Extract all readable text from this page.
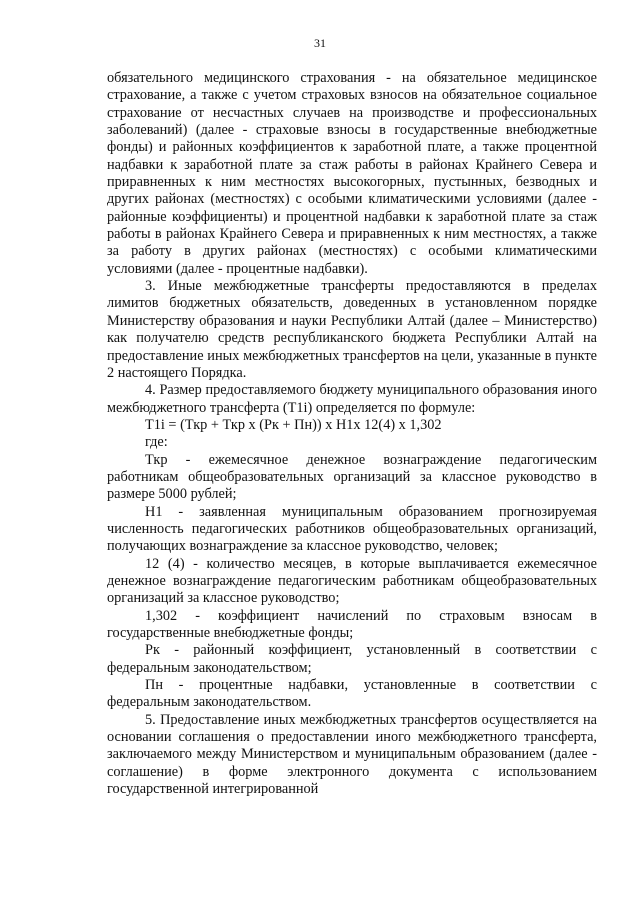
31

обязательного медицинского страхования - на обязательное медицинское страхование, а также с учетом страховых взносов на обязательное социальное страхование от несчастных случаев на производстве и профессиональных заболеваний) (далее - страховые взносы в государственные внебюджетные фонды) и районных коэффициентов к заработной плате, а также процентной надбавки к заработной плате за стаж работы в районах Крайнего Севера и приравненных к ним местностях высокогорных, пустынных, безводных и других районах (местностях) с особыми климатическими условиями (далее - районные коэффициенты) и процентной надбавки к заработной плате за стаж работы в районах Крайнего Севера и приравненных к ним местностях, а также за работу в других районах (местностях) с особыми климатическими условиями (далее - процентные надбавки).

3. Иные межбюджетные трансферты предоставляются в пределах лимитов бюджетных обязательств, доведенных в установленном порядке Министерству образования и науки Республики Алтай (далее – Министерство) как получателю средств республиканского бюджета Республики Алтай на предоставление иных межбюджетных трансфертов на цели, указанные в пункте 2 настоящего Порядка.

4. Размер предоставляемого бюджету муниципального образования иного межбюджетного трансферта (T1i) определяется по формуле:

T1i = (Ткр + Ткр х (Рк + Пн)) х Н1х 12(4) х 1,302

где:

Ткр - ежемесячное денежное вознаграждение педагогическим работникам общеобразовательных организаций за классное руководство в размере 5000 рублей;

Н1 - заявленная муниципальным образованием прогнозируемая численность педагогических работников общеобразовательных организаций, получающих вознаграждение за классное руководство, человек;

12 (4) - количество месяцев, в которые выплачивается ежемесячное денежное вознаграждение педагогическим работникам общеобразовательных организаций за классное руководство;

1,302 - коэффициент начислений по страховым взносам в государственные внебюджетные фонды;

Рк - районный коэффициент, установленный в соответствии с федеральным законодательством;

Пн - процентные надбавки, установленные в соответствии с федеральным законодательством.

5. Предоставление иных межбюджетных трансфертов осуществляется на основании соглашения о предоставлении иного межбюджетного трансферта, заключаемого между Министерством и муниципальным образованием (далее - соглашение) в форме электронного документа с использованием государственной интегрированной
